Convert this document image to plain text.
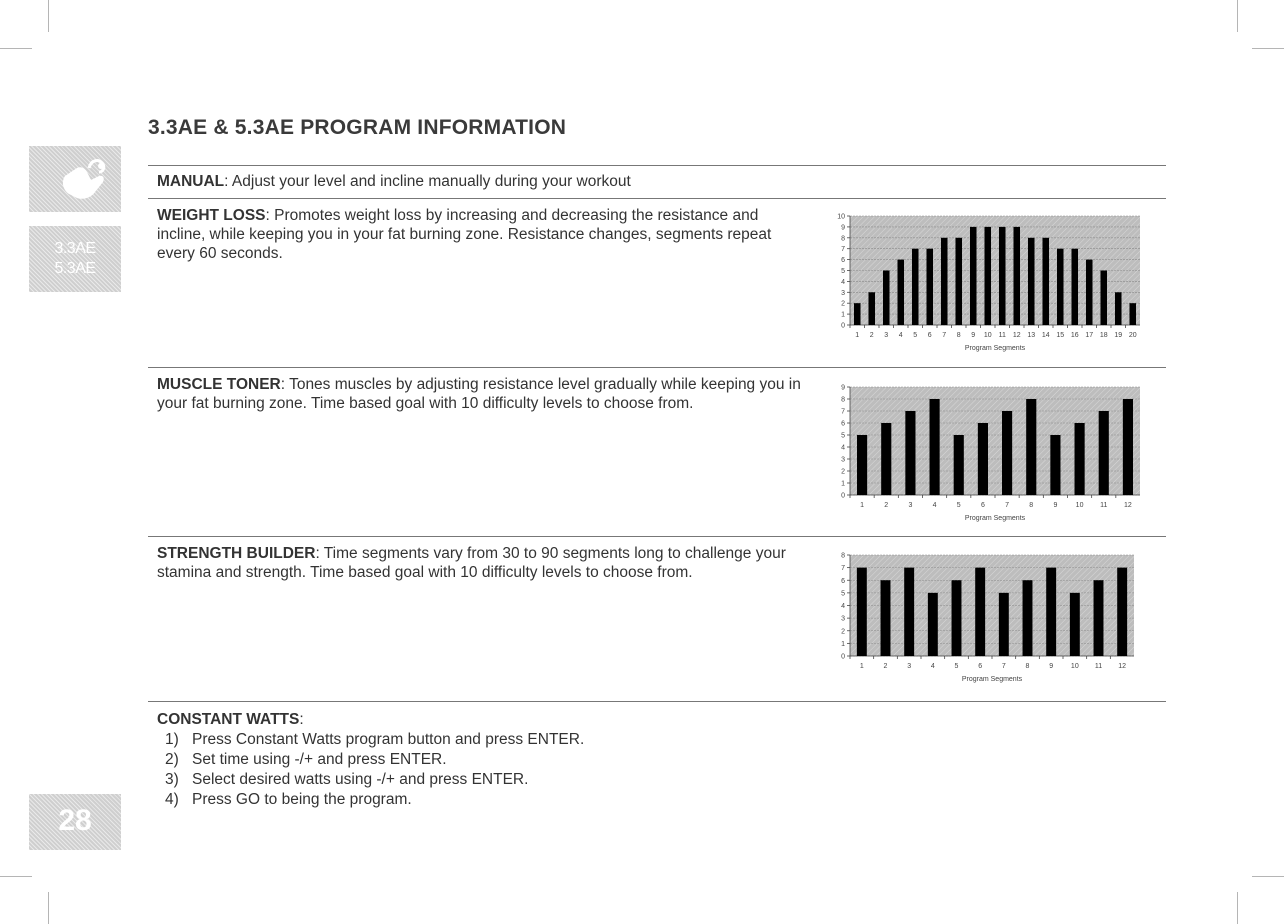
3.3AE
5.3AE
28
3.3AE & 5.3AE PROGRAM INFORMATION
MANUAL: Adjust your level and incline manually during your workout
WEIGHT LOSS: Promotes weight loss by increasing and decreasing the resistance and incline, while keeping you in your fat burning zone. Resistance changes, segments repeat every 60 seconds.
MUSCLE TONER: Tones muscles by adjusting resistance level gradually while keeping you in your fat burning zone. Time based goal with 10 difficulty levels to choose from.
STRENGTH BUILDER: Time segments vary from 30 to 90 segments long to challenge your stamina and strength. Time based goal with 10 difficulty levels to choose from.
CONSTANT WATTS:
1) Press Constant Watts program button and press ENTER.
2) Set time using -/+ and press ENTER.
3) Select desired watts using -/+ and press ENTER.
4) Press GO to being the program.
0
1
2
3
4
5
6
7
8
9
10
1 2 3 4 5 6 7 8 9 10 11 12 13 14 15 16 17 18 19 20
Program Segments
0
1
2
3
4
5
6
7
8
9
1	2	3	4	5	6	7	8	9	10 11 12
Program Segments
0
1
2
3
4
5
6
7
8
1	2	3	4	5	6	7	8	9	10 11 12
Program Segments
